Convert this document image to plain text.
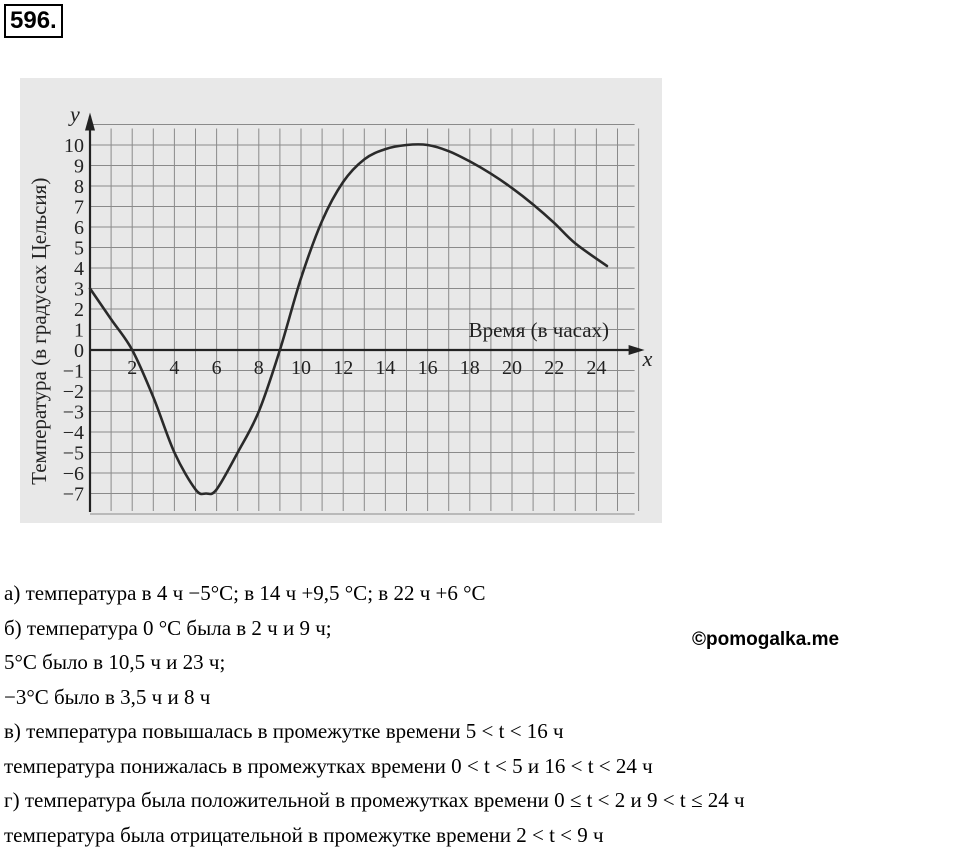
596.
2 4 6 8 10 12 14 16 18 20 22 24
10
9
8
7
6
5
4
3
2
1
0
−1
−2
−3
−4
−5
−6
−7
Температура (в градусах Цельсия)	Время (в часах)
x
y
а) температура в 4 ч −5°С; в 14 ч +9,5 °С; в 22 ч +6 °С
б) температура 0 °С была в 2 ч и 9 ч;
5°С было в 10,5 ч и 23 ч;
−3°С было в 3,5 ч и 8 ч
в) температура повышалась в промежутке времени 5 < t < 16 ч
температура понижалась в промежутках времени 0 < t < 5 и 16 < t < 24 ч
г) температура была положительной в промежутках времени 0 ≤ t < 2 и 9 < t ≤ 24 ч
температура была отрицательной в промежутке времени 2 < t < 9 ч
©pomogalka.me
